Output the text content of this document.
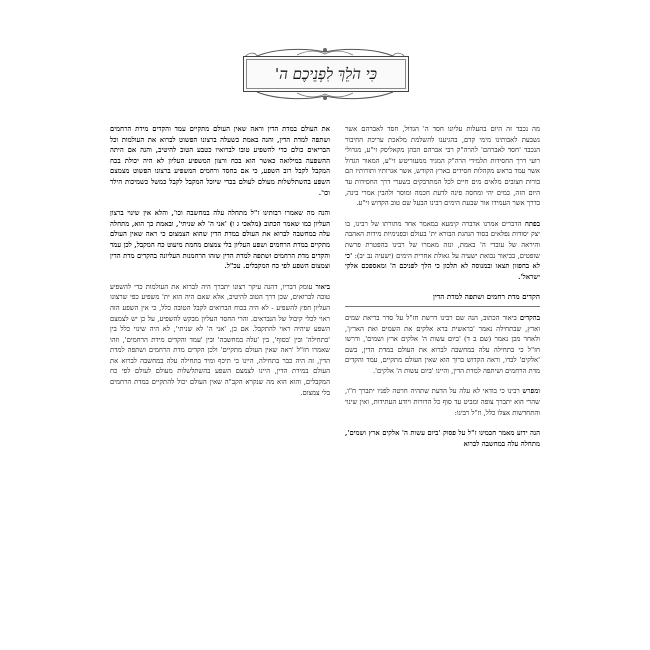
כִּי הֹלֵךְ לִפְנֵיכֶם ה'

מה נכבד זה היום בהעלות עליונו חסד ה' הגדול, חסד לאברהם אשר נשבעת לאבותינו מימי קדם, בהגיענו להשלמת מלאכת עריכת החיבור הנכבד 'חסד לאברהם' להרה"ק רבי אברהם הכהן מקאליסק זי"ע, מגדולי רועי דרך החסידות תלמידי הרה"ק המגיד ממעזריטש זי"ע, המאור הגדול אשר עמד בראש מקהלות חסידים בארץ הקודש, אשר אגרותיו ותורותיו הם בורות חצובים מלאים מים חיים לכל המתדבקים בשערי דרך החסידות עד היום הזה, כמים יהי ומחסה פינה לדעת חכמה ומוסר ולהבין אמרי בינה, בדרך אשר העמידו אור שבעת הימים רבינו הבעל שם טוב הקדוש זי"ע.

בפתח הדברים אמרנו אדברה קימעא במאמר אחד מתורתו של רבינו, בו יצק יסודות נפלאים בסוד הנהגת הבורא ית' בעולם ובפנימיות מידות האהבה והיראה של עובדי ה' באמת, ונזה מאמרו של רבינו בהפטרת פרשת שופטים, בביאור נבואת ישעיה על גאולת אחרית הימים (ישעיה נב יב): 'כי לא בחפזון תצאו ובמנוסה לא תלכון כי הלך לפניכם ה' ומאספכם אלקי ישראל'.

הקדים מדת רחמים ושתפה למדת הדין

בהקדים ביאור הכתוב, הנה שם רבינו דרשת חז"ל על סדר בריאת שמים וארץ, שבתחילה נאמר 'בראשית ברא אלקים את השמים ואת הארץ', ולאחר מכן נאמר (שם ב ד) 'ביום עשות ה' אלקים ארץ ושמים', ודרשו חז"ל כי בתחילה עלה במחשבה לברוא את העולם במדת הדין, בשם 'אלקים' לבדו, וראה הקדוש ברוך הוא שאין העולם מתקיים, עמד והקדים מדת הרחמים ושיתפה למדת הדין, והיינו 'ביום עשות ה' אלקים'.

ומפרש רבינו כי בודאי לא עלה על הדעת שתהיה חרטה לפניו יתברך ח"ו, שהרי הוא יתברך צופה ומביט עד סוף כל הדורות ויודע העתידות, ואין שינוי והתחדשות אצלו כלל, וז"ל רבינו:

הנה ידוע מאמר חכמינו ז"ל על פסוק 'ביום עשות ה' אלקים ארץ ושמים', מתחלה עלה במחשבה לברוא

את העולם במדת הדין וראה שאין העולם מתקיים עמד והקדים מידת הרחמים ושתפה למדת הדין, והנה באמת כשעלה ברצונו הפשוט לברוא את העולמות וכל הבריאים כולם כדי להשפיע טובו לברואיו כטבע הטוב להיטיב, והנה אם היתה ההשפעה במילואה כאשר הוא בכח ורצון המשפיע העליון לא היה יכולת בכח המקבל לקבל רוב השפע, כי אם בחסד ורחמים המשפיע ברצונו הפשוט מצמצם השפע בהשתלשלות מעולם לעולם בכדי שיוכל המקבל לקבל כמשל כשמיכות הילד וכו'.

והנה מה שאמרו רבותינו ז"ל מתחלה עלה במחשבה וכו', והלא אין שינוי ברצון העליון כמו שאמר הכתוב (מלאכי ג ו) 'אני ה' לא שניתי', ובאמת כך הוא, מתחלה עלה במחשבה לברוא את העולם במדת הדין שהוא הצמצום כי ראה שאין העולם מתקיים במדת הרחמים ושפע העליון בלי צמצום מחמת מיעוט כח המקבל, לכן עמד והקדים מדת הרחמים ושתפה למדת הדין שזהו הרחמנות העליונה בהקדים מדת הדין וצמצום השפע לפי כח המקבלים. עכ"ל.

ביאור עומק דבריו, דהנה עיקר רצונו יתברך היה לברוא את העולמות כדי להשפיע טובה לברואים, שכן דרך הטוב להיטיב, אלא שאם היה הוא ית' משפיע כפי שרצונו העליון חפץ להשפיע - לא היה בכוח הברואים לקבל הטובה כלל, כי אין השפע הזה ראוי לכלי קיבול של הנבראים. והרי החסד העליון מבקש להשפיע, על כן יש לצמצם השפע שיהיה ראוי להתקבל. אם כן, 'אני ה' לא שניתי', לא היה שינוי כלל בין 'בתחילה' ובין 'בסוף', בין 'עלה במחשבה' ובין 'עמד והקדים מידת הרחמים', וזהו שאמרו חז"ל 'ראה שאין העולם מתקיים' ולכן הקדים מדת הרחמים ושתפה למדת הדין, זה היה כבר בתחילה, היינו כי תיכף ומיד בתחילה עלה במחשבה לברוא את העולם במידת הדין, היינו לצמצם השפע בהשתלשלות מעולם לעולם לפי כח המקבלים, והוא הוא מה שנקרא הקב"ה שאין העולם יכול להתקיים במדת הרחמים בלי צמצום.
